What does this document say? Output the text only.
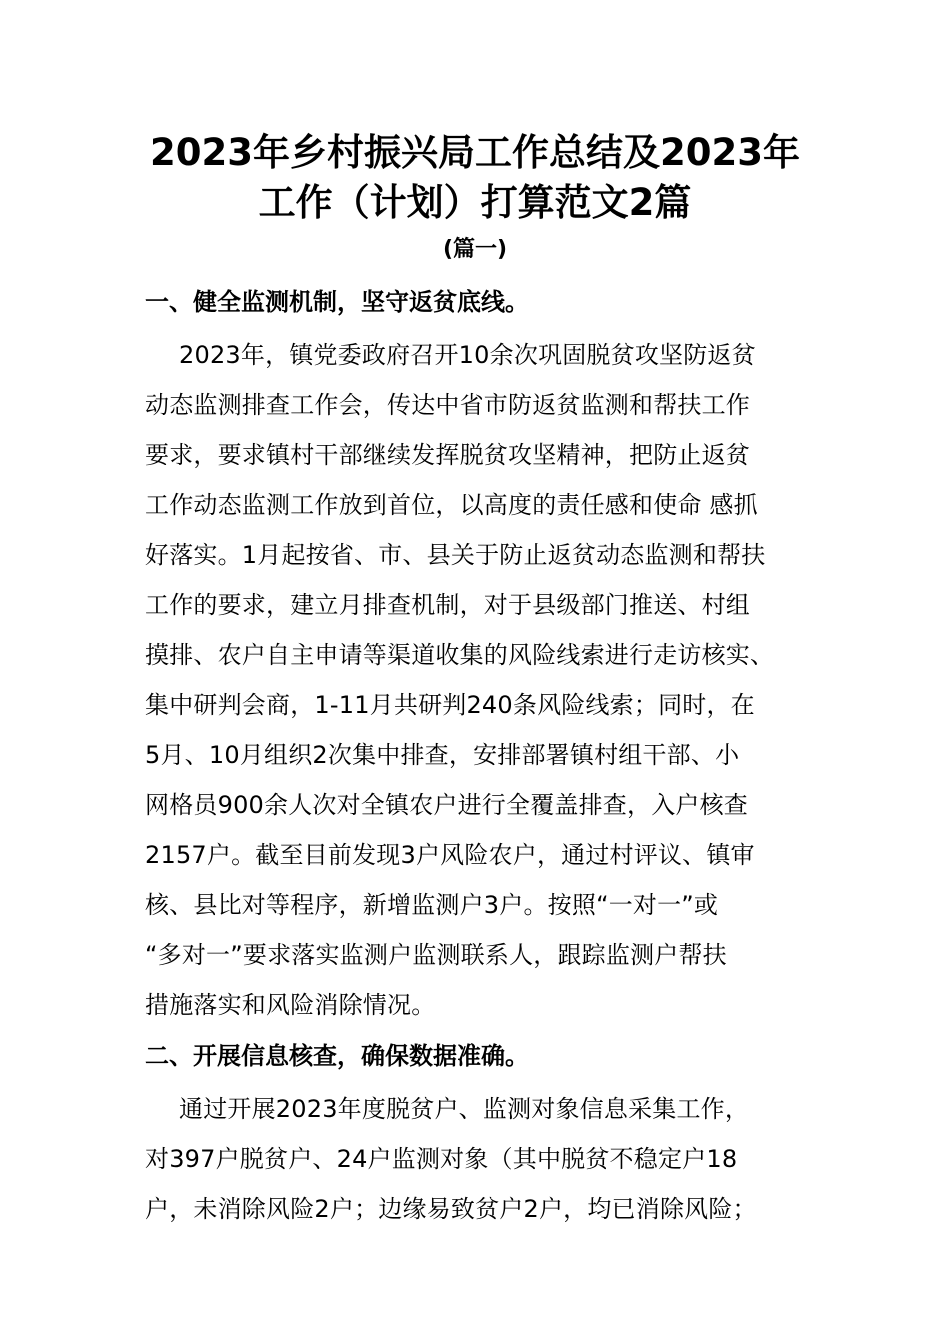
2023年乡村振兴局工作总结及2023年
工作（计划）打算范文2篇
(篇一)

一、健全监测机制，坚守返贫底线。

2023年，镇党委政府召开10余次巩固脱贫攻坚防返贫
动态监测排查工作会，传达中省市防返贫监测和帮扶工作
要求，要求镇村干部继续发挥脱贫攻坚精神，把防止返贫
工作动态监测工作放到首位，以高度的责任感和使命 感抓
好落实。1月起按省、市、县关于防止返贫动态监测和帮扶
工作的要求，建立月排查机制，对于县级部门推送、村组
摸排、农户自主申请等渠道收集的风险线索进行走访核实、
集中研判会商，1-11月共研判240条风险线索；同时，在
5月、10月组织2次集中排查，安排部署镇村组干部、小
网格员900余人次对全镇农户进行全覆盖排查，入户核查
2157户。截至目前发现3户风险农户，通过村评议、镇审
核、县比对等程序，新增监测户3户。按照“一对一”或
“多对一”要求落实监测户监测联系人，跟踪监测户帮扶
措施落实和风险消除情况。

二、开展信息核查，确保数据准确。

通过开展2023年度脱贫户、监测对象信息采集工作，
对397户脱贫户、24户监测对象（其中脱贫不稳定户18
户，未消除风险2户；边缘易致贫户2户，均已消除风险；
